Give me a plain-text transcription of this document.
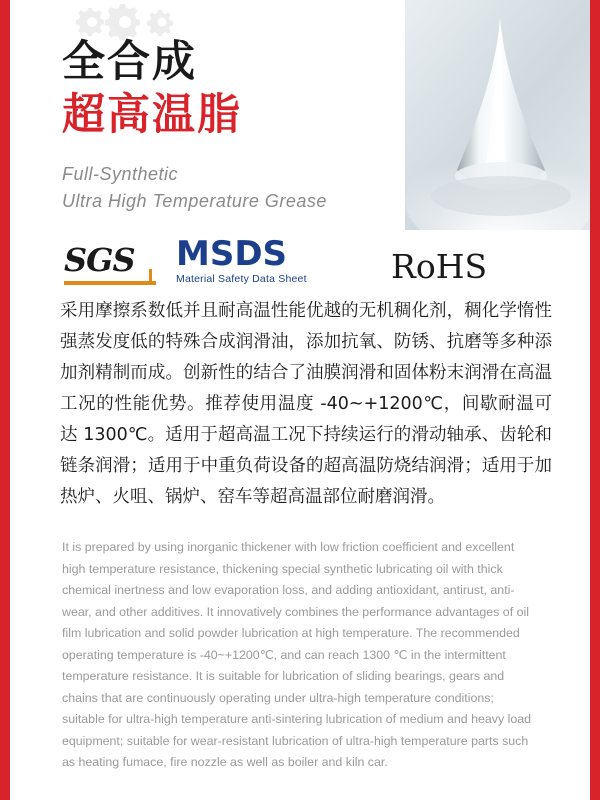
全合成
超高温脂
Full-Synthetic
Ultra High Temperature Grease
SGS	MSDS
Material Safety Data Sheet	RoHS
采用摩擦系数低并且耐高温性能优越的无机稠化剂，稠化学惰性强蒸发度低的特殊合成润滑油，添加抗氧、防锈、抗磨等多种添加剂精制而成。创新性的结合了油膜润滑和固体粉末润滑在高温工况的性能优势。推荐使用温度 -40~+1200℃，间歇耐温可达 1300℃。适用于超高温工况下持续运行的滑动轴承、齿轮和链条润滑；适用于中重负荷设备的超高温防烧结润滑；适用于加热炉、火咀、锅炉、窑车等超高温部位耐磨润滑。
It is prepared by using inorganic thickener with low friction coefficient and excellent high temperature resistance, thickening special synthetic lubricating oil with thick chemical inertness and low evaporation loss, and adding antioxidant, antirust, anti-wear, and other additives. It innovatively combines the performance advantages of oil film lubrication and solid powder lubrication at high temperature. The recommended operating temperature is -40~+1200℃, and can reach 1300 ℃ in the intermittent temperature resistance. It is suitable for lubrication of sliding bearings, gears and chains that are continuously operating under ultra-high temperature conditions; suitable for ultra-high temperature anti-sintering lubrication of medium and heavy load equipment; suitable for wear-resistant lubrication of ultra-high temperature parts such as heating fumace, fire nozzle as well as boiler and kiln car.
